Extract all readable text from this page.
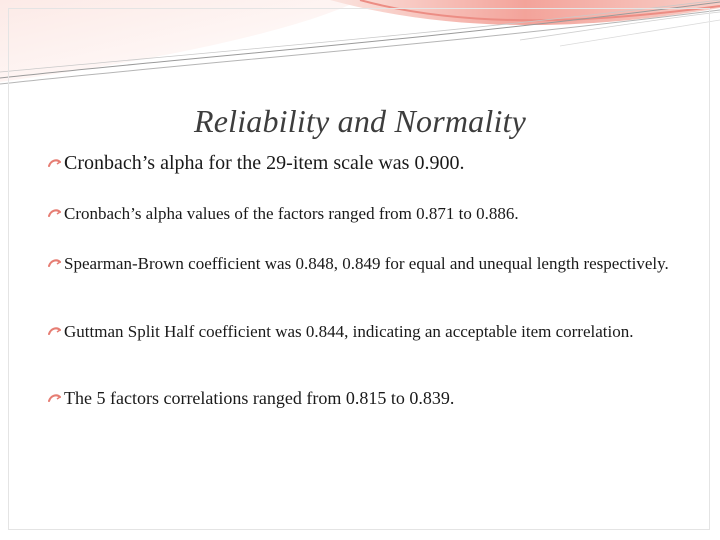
Reliability and Normality
Cronbach’s alpha for the 29-item scale was 0.900.
Cronbach’s alpha values of the factors ranged from 0.871 to 0.886.
Spearman-Brown coefficient was 0.848, 0.849 for equal and unequal length respectively.
Guttman Split Half coefficient was 0.844, indicating an acceptable item correlation.
The 5 factors correlations ranged from 0.815 to 0.839.
